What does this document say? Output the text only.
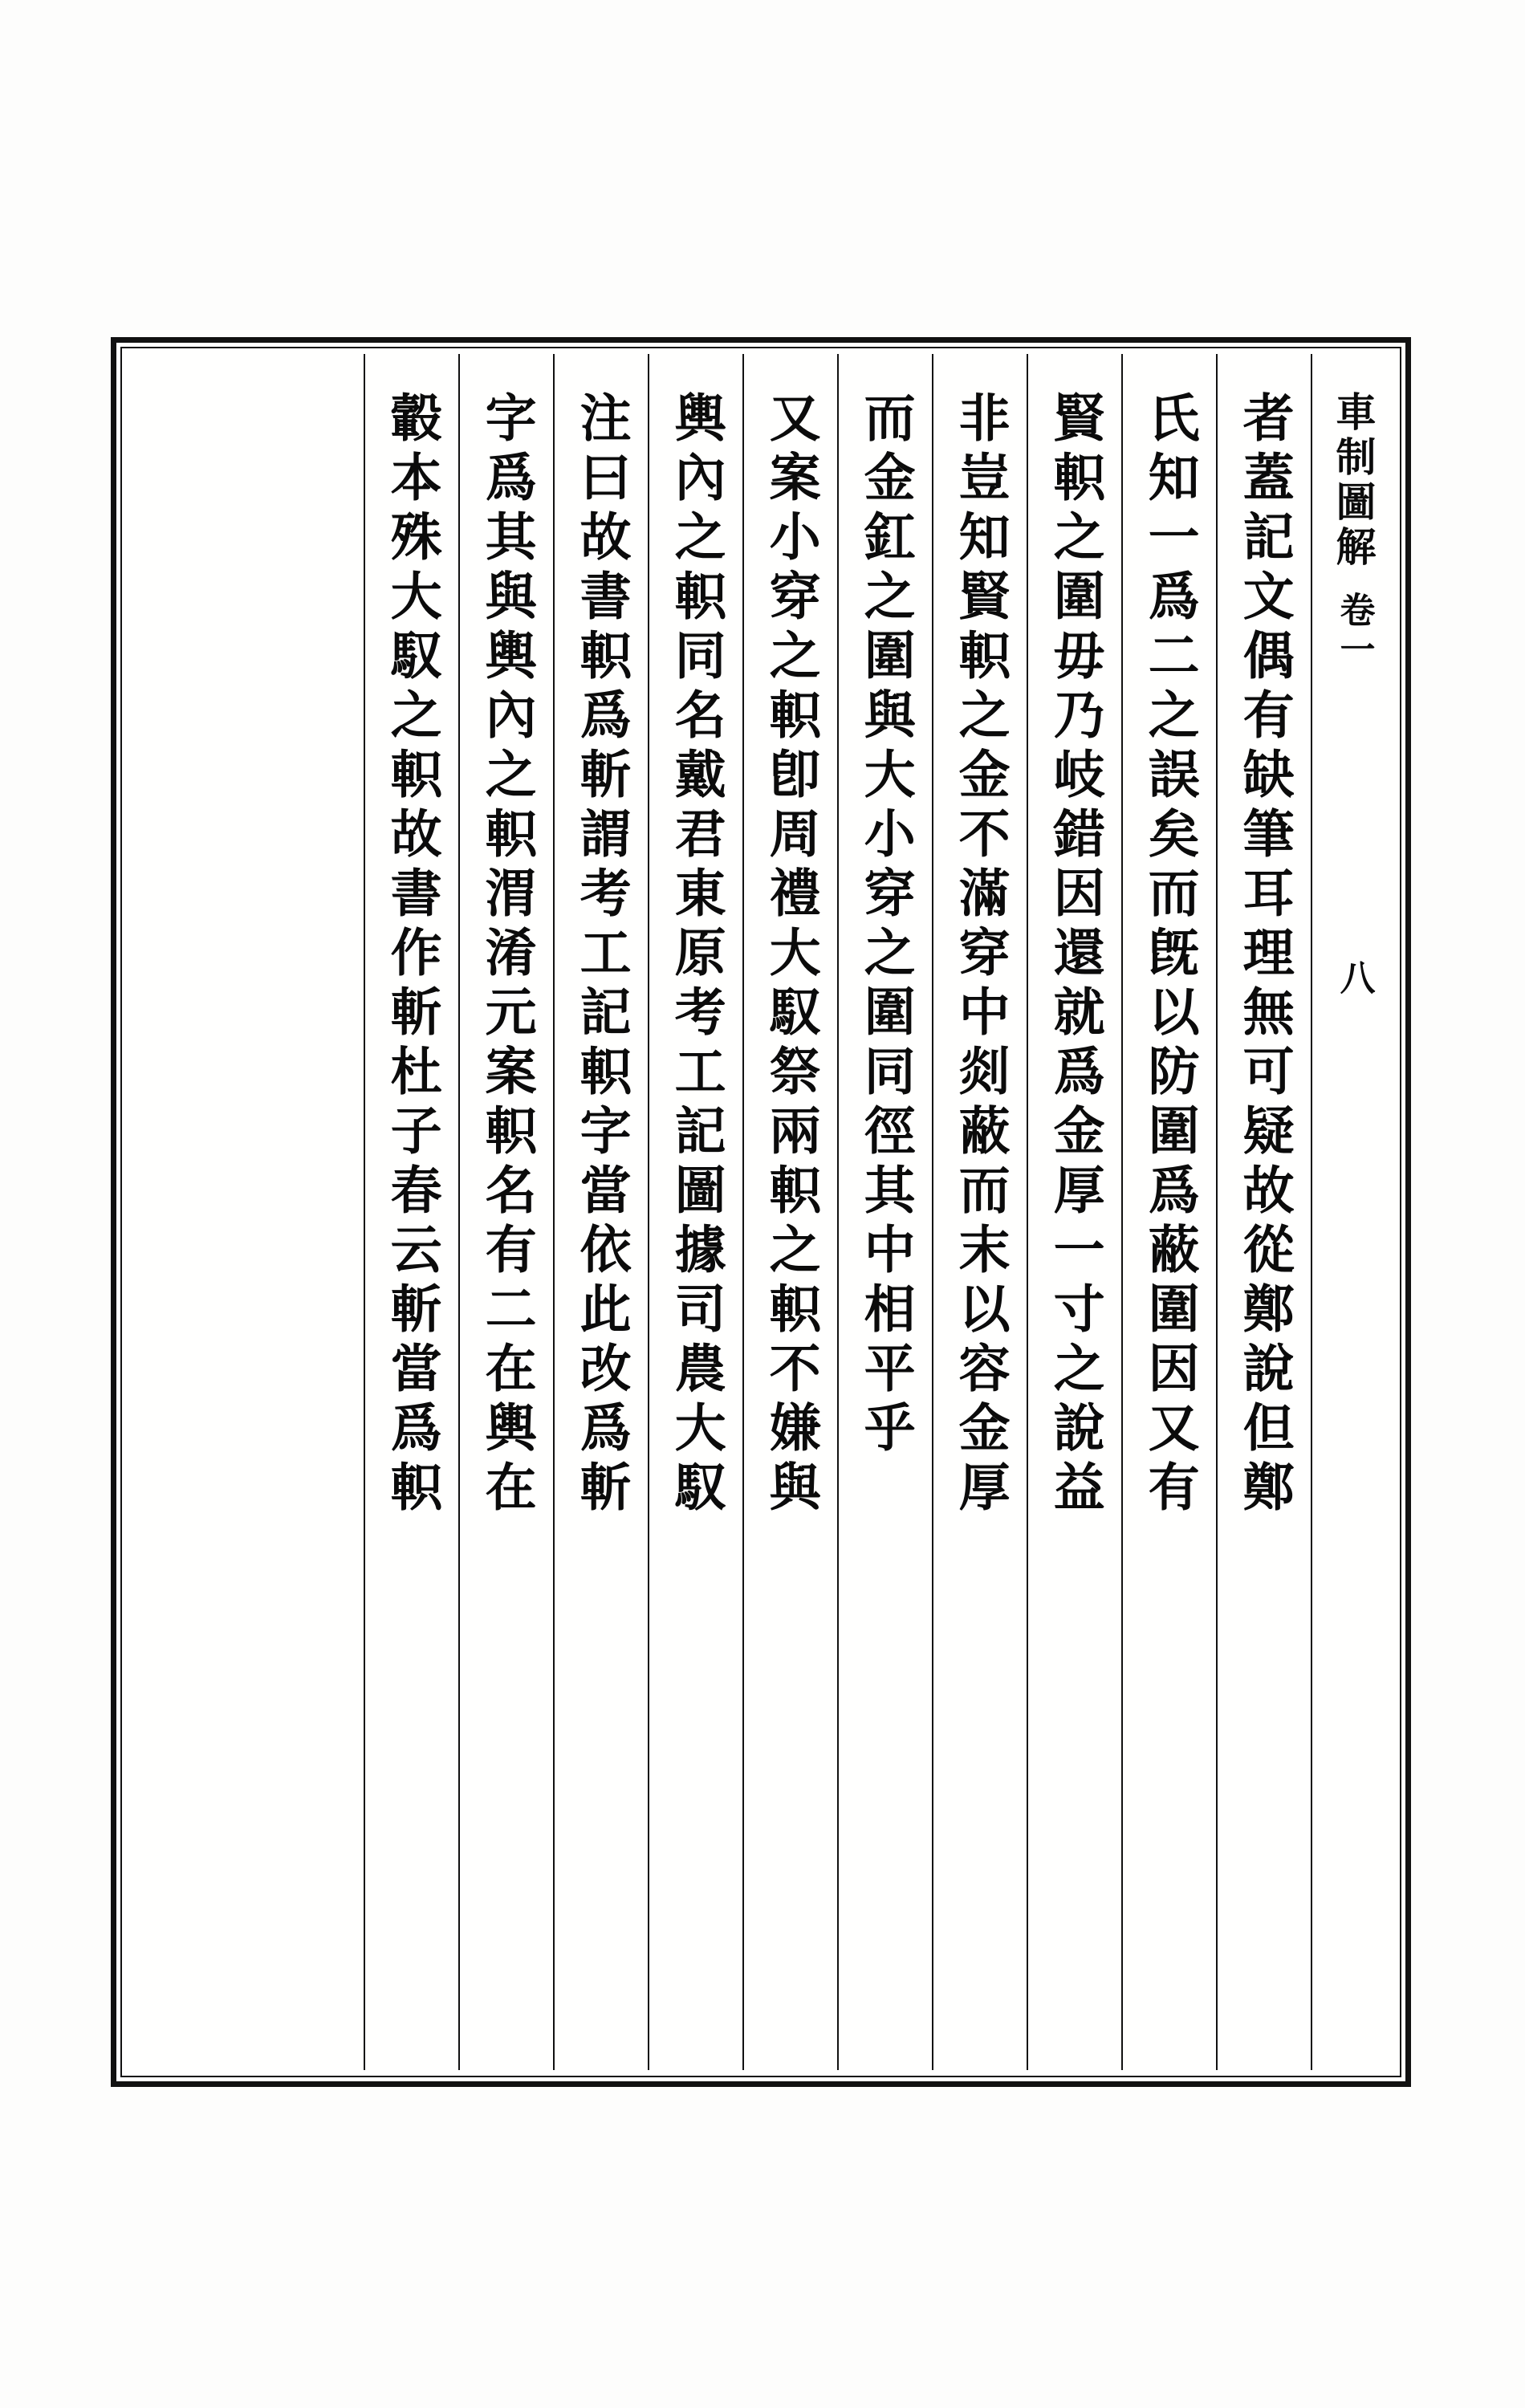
車制圖解
卷一
八
者蓋記文偶有缺筆耳理無可疑故從鄭說但鄭
氏知一爲二之誤矣而旣以防圍爲蔽圍因又有
賢軹之圍毋乃岐錯因還就爲金厚一寸之說益
非豈知賢軹之金不滿穿中剡蔽而末以容金厚
而金釭之圍與大小穿之圍同徑其中相平乎
又案小穿之軹卽周禮大馭祭兩軹之軹不嫌與
輿內之軹同名戴君東原考工記圖據司農大馭
注曰故書軹爲斬謂考工記軹字當依此改爲斬
字爲其與輿內之軹渭淆元案軹名有二在輿在
轂本殊大馭之軹故書作斬杜子春云斬當爲軹
